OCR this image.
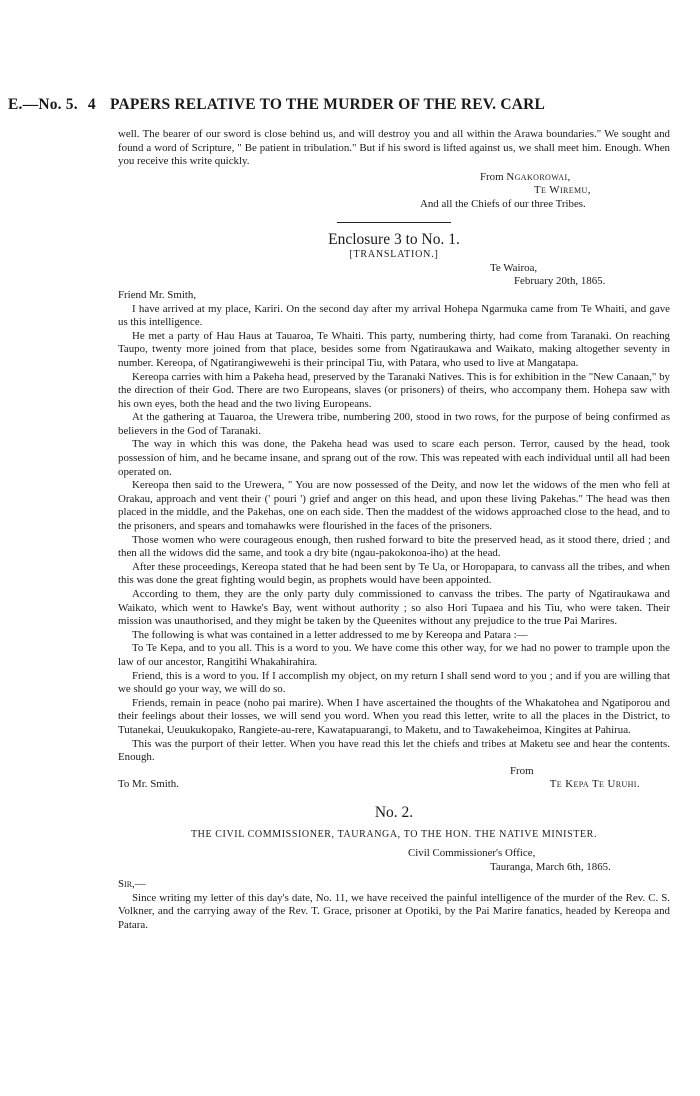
E.—No. 5. 4 PAPERS RELATIVE TO THE MURDER OF THE REV. CARL

well. The bearer of our sword is close behind us, and will destroy you and all within the Arawa boundaries." We sought and found a word of Scripture, " Be patient in tribulation." But if his sword is lifted against us, we shall meet him. Enough. When you receive this write quickly.

From Ngakorowai,
Te Wiremu,
And all the Chiefs of our three Tribes.
Enclosure 3 to No. 1.
[TRANSLATION.]
Te Wairoa,
February 20th, 1865.
Friend Mr. Smith,

I have arrived at my place, Kariri. On the second day after my arrival Hohepa Ngarmuka came from Te Whaiti, and gave us this intelligence.

He met a party of Hau Haus at Tauaroa, Te Whaiti. This party, numbering thirty, had come from Taranaki. On reaching Taupo, twenty more joined from that place, besides some from Ngatiraukawa and Waikato, making altogether seventy in number. Kereopa, of Ngatirangiwewehi is their principal Tiu, with Patara, who used to live at Mangatapa.

Kereopa carries with him a Pakeha head, preserved by the Taranaki Natives. This is for exhibition in the "New Canaan," by the direction of their God. There are two Europeans, slaves (or prisoners) of theirs, who accompany them. Hohepa saw with his own eyes, both the head and the two living Europeans.

At the gathering at Tauaroa, the Urewera tribe, numbering 200, stood in two rows, for the purpose of being confirmed as believers in the God of Taranaki.

The way in which this was done, the Pakeha head was used to scare each person. Terror, caused by the head, took possession of him, and he became insane, and sprang out of the row. This was repeated with each individual until all had been operated on.

Kereopa then said to the Urewera, " You are now possessed of the Deity, and now let the widows of the men who fell at Orakau, approach and vent their (' pouri ') grief and anger on this head, and upon these living Pakehas." The head was then placed in the middle, and the Pakehas, one on each side. Then the maddest of the widows approached close to the head, and to the prisoners, and spears and tomahawks were flourished in the faces of the prisoners.

Those women who were courageous enough, then rushed forward to bite the preserved head, as it stood there, dried ; and then all the widows did the same, and took a dry bite (ngau-pakokonoa-iho) at the head.

After these proceedings, Kereopa stated that he had been sent by Te Ua, or Horopapara, to canvass all the tribes, and when this was done the great fighting would begin, as prophets would have been appointed.

According to them, they are the only party duly commissioned to canvass the tribes. The party of Ngatiraukawa and Waikato, which went to Hawke's Bay, went without authority ; so also Hori Tupaea and his Tiu, who were taken. Their mission was unauthorised, and they might be taken by the Queenites without any prejudice to the true Pai Marires.

The following is what was contained in a letter addressed to me by Kereopa and Patara :—

To Te Kepa, and to you all. This is a word to you. We have come this other way, for we had no power to trample upon the law of our ancestor, Rangitihi Whakahirahira.

Friend, this is a word to you. If I accomplish my object, on my return I shall send word to you ; and if you are willing that we should go your way, we will do so.

Friends, remain in peace (noho pai marire). When I have ascertained the thoughts of the Whakatohea and Ngatiporou and their feelings about their losses, we will send you word. When you read this letter, write to all the places in the District, to Tutanekai, Ueuukukopako, Rangiete-au-rere, Kawatapuarangi, to Maketu, and to Tawakeheimoa, Kingites at Pahirua.

This was the purport of their letter. When you have read this let the chiefs and tribes at Maketu see and hear the contents. Enough.

From
To Mr. Smith.	Te Kepa Te Uruhi.
No. 2.
THE CIVIL COMMISSIONER, TAURANGA, TO THE HON. THE NATIVE MINISTER.
Civil Commissioner's Office,
Tauranga, March 6th, 1865.
Sir,—

Since writing my letter of this day's date, No. 11, we have received the painful intelligence of the murder of the Rev. C. S. Volkner, and the carrying away of the Rev. T. Grace, prisoner at Opotiki, by the Pai Marire fanatics, headed by Kereopa and Patara.
